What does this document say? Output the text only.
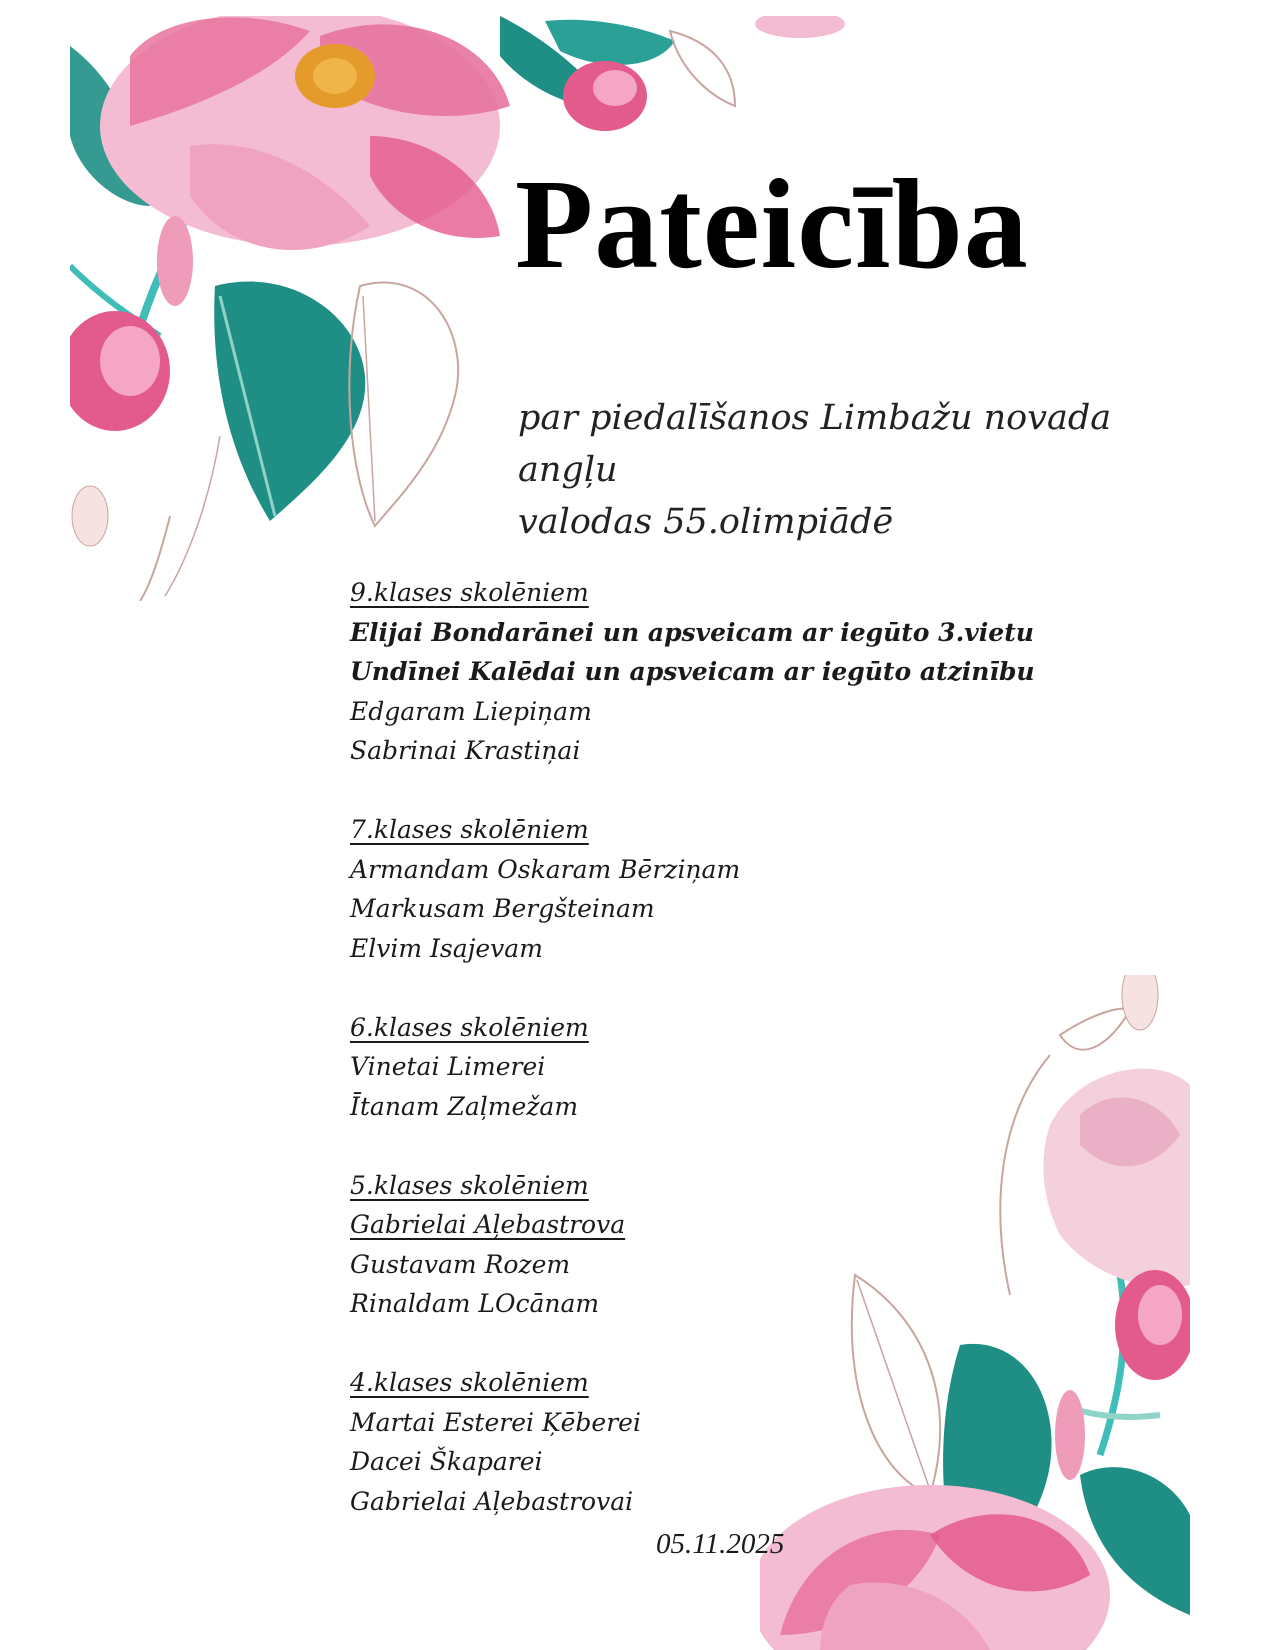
Pateicība
par piedalīšanos Limbažu novada angļu
valodas 55.olimpiādē
9.klases skolēniem
Elijai Bondarānei un apsveicam ar iegūto 3.vietu
Undīnei Kalēdai un apsveicam ar iegūto atzinību
Edgaram Liepiņam
Sabrinai Krastiņai
7.klases skolēniem
Armandam Oskaram Bērziņam
Markusam Bergšteinam
Elvim Isajevam
6.klases skolēniem
Vinetai Limerei
Ītanam Zaļmežam
5.klases skolēniem
Gabrielai Aļebastrova
Gustavam Rozem
Rinaldam LOcānam
4.klases skolēniem
Martai Esterei Ķēberei
Dacei Škaparei
Gabrielai Aļebastrovai
05.11.2025
